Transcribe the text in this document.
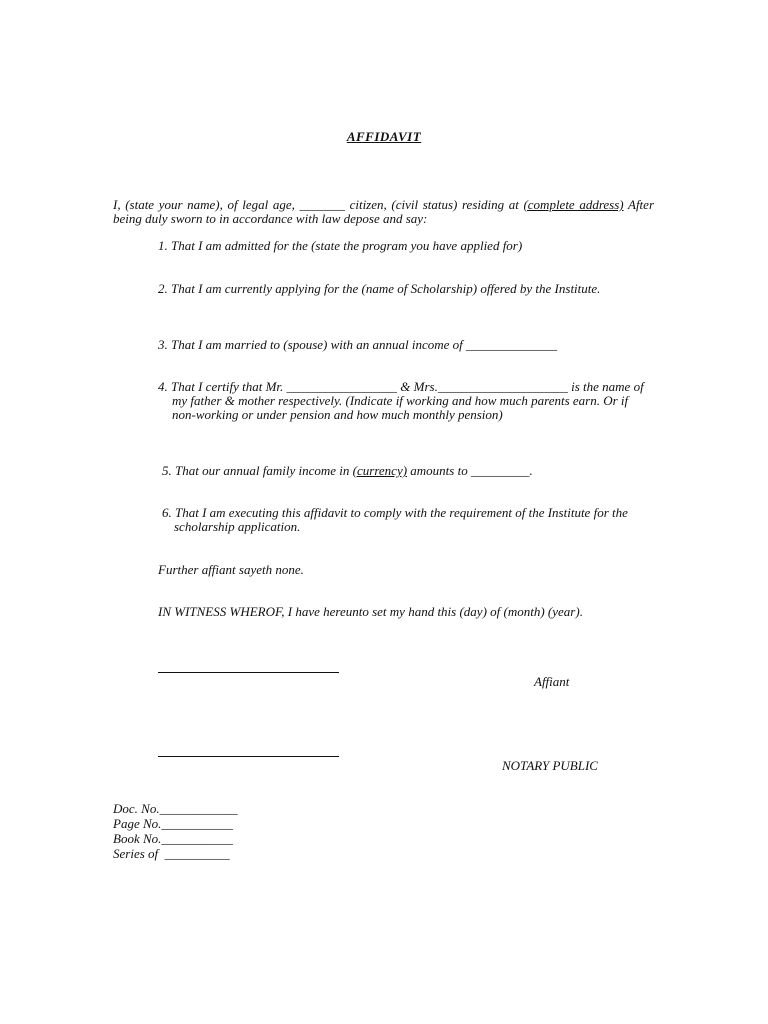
AFFIDAVIT
I, (state your name), of legal age, _______ citizen, (civil status) residing at (complete address) After being duly sworn to in accordance with law depose and say:
1. That I am admitted for the (state the program you have applied for)
2. That I am currently applying for the (name of Scholarship) offered by the Institute.
3. That I am married to (spouse) with an annual income of ______________
4. That I certify that Mr. _________________ & Mrs.____________________ is the name of my father & mother respectively. (Indicate if working and how much parents earn. Or if non-working or under pension and how much monthly pension)
5. That our annual family income in (currency) amounts to _________.
6. That I am executing this affidavit to comply with the requirement of the Institute for the scholarship application.
Further affiant sayeth none.
IN WITNESS WHEROF, I have hereunto set my hand this (day) of (month) (year).
Affiant
NOTARY PUBLIC
Doc. No.____________
Page No.___________
Book No.___________
Series of  __________
